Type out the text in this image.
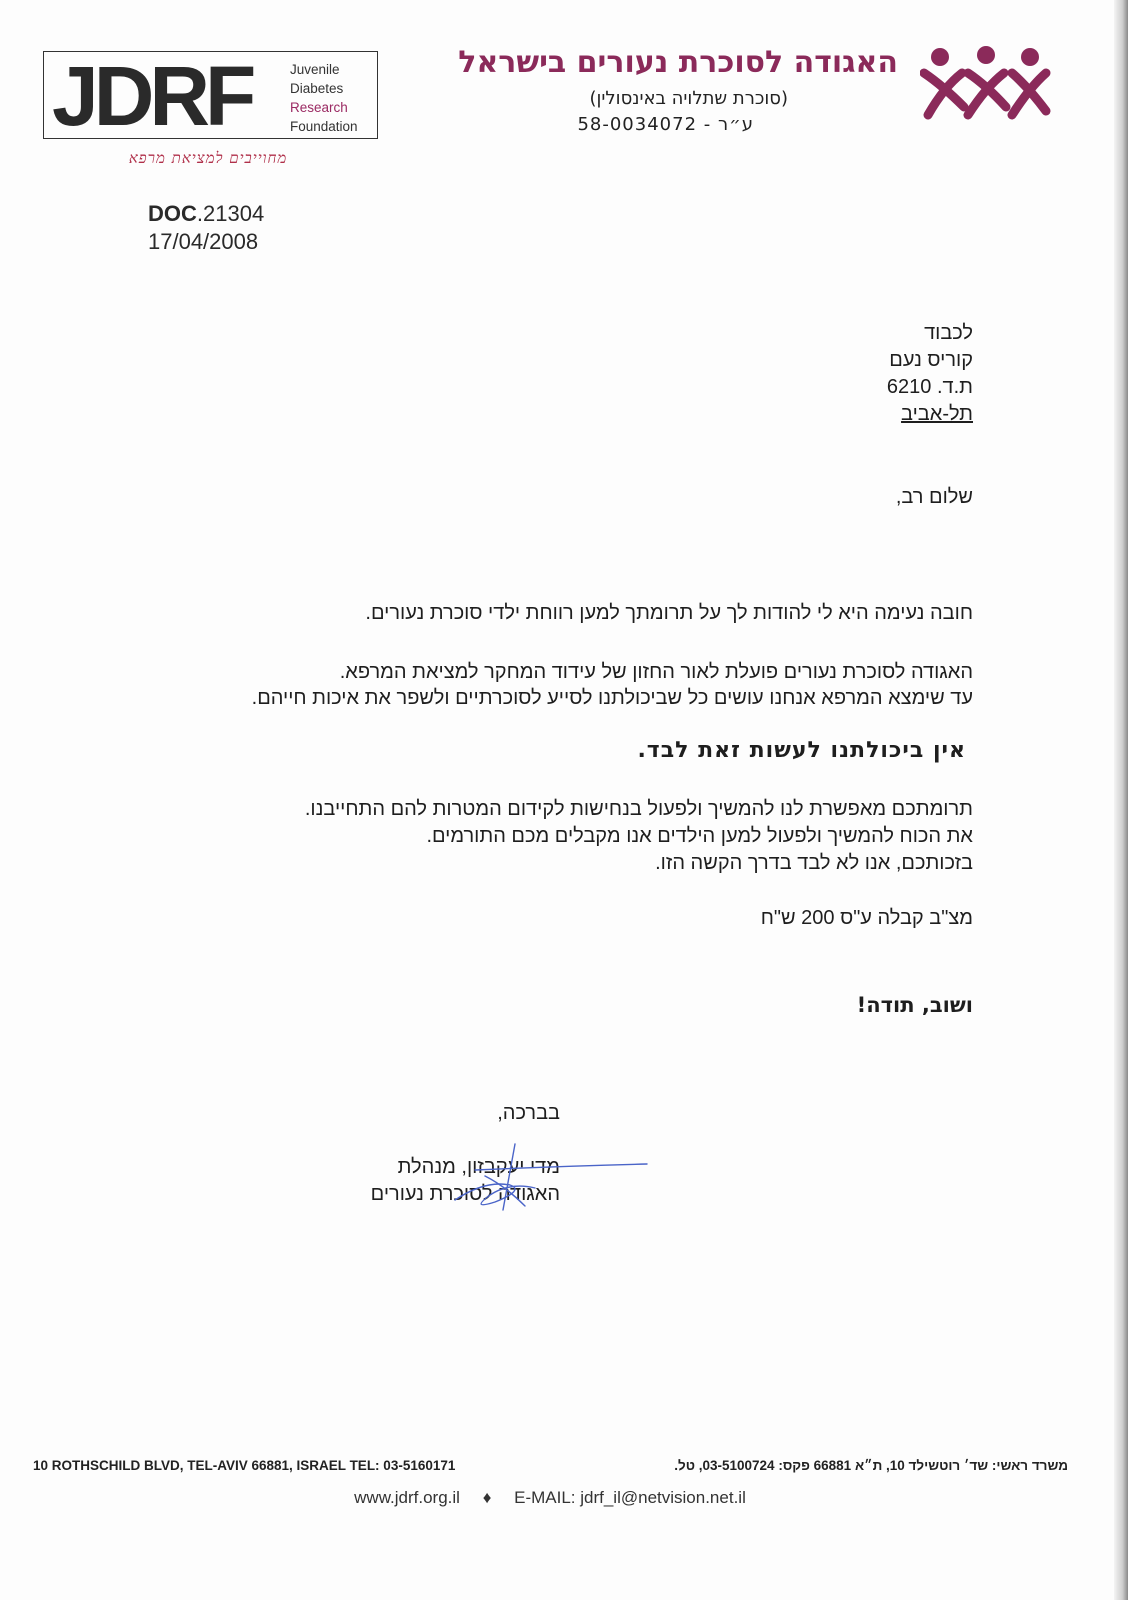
JDRF	Juvenile
Diabetes
Research
Foundation
מחוייבים למציאת מרפא
האגודה לסוכרת נעורים בישראל
(סוכרת שתלויה באינסולין)
ע״ר - 58-0034072
DOC.21304
17/04/2008
לכבוד
קוריס נעם
ת.ד. 6210
תל-אביב
שלום רב,
חובה נעימה היא לי להודות לך על תרומתך למען רווחת ילדי סוכרת נעורים.
האגודה לסוכרת נעורים פועלת לאור החזון של עידוד המחקר למציאת המרפא.
עד שימצא המרפא אנחנו עושים כל שביכולתנו לסייע לסוכרתיים ולשפר את איכות חייהם.
אין ביכולתנו לעשות זאת לבד.
תרומתכם מאפשרת לנו להמשיך ולפעול בנחישות לקידום המטרות להם התחייבנו.
את הכוח להמשיך ולפעול למען הילדים אנו מקבלים מכם התורמים.
בזכותכם, אנו לא לבד בדרך הקשה הזו.
מצ"ב קבלה ע"ס 200 ש"ח
ושוב, תודה!
בברכה,
מדי יעקבזון, מנהלת
האגודה לסוכרת נעורים
10 ROTHSCHILD BLVD, TEL-AVIV 66881, ISRAEL TEL: 03-5160171	משרד ראשי: שד׳ רוטשילד 10, ת״א 66881 פקס: 03-5100724, טל.
www.jdrf.org.il ♦ E-MAIL: jdrf_il@netvision.net.il
